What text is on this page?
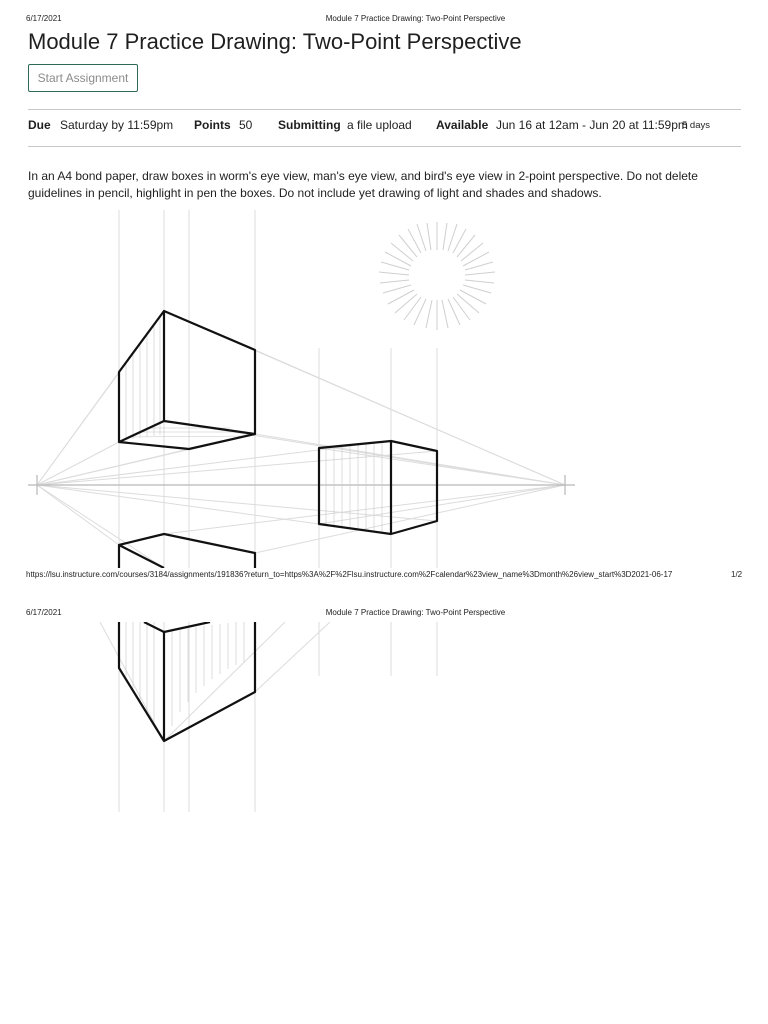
6/17/2021	Module 7 Practice Drawing: Two-Point Perspective
Module 7 Practice Drawing: Two-Point Perspective
Start Assignment
Due Saturday by 11:59pm Points 50 Submitting a file upload Available Jun 16 at 12am - Jun 20 at 11:59pm
5 days

In an A4 bond paper, draw boxes in worm's eye view, man's eye view, and bird's eye view in 2-point perspective. Do not delete guidelines in pencil, highlight in pen the boxes. Do not include yet drawing of light and shades and shadows.

https://lsu.instructure.com/courses/3184/assignments/191836?return_to=https%3A%2F%2Flsu.instructure.com%2Fcalendar%23view_name%3Dmonth%26view_start%3D2021-06-17	1/2
6/17/2021	Module 7 Practice Drawing: Two-Point Perspective
